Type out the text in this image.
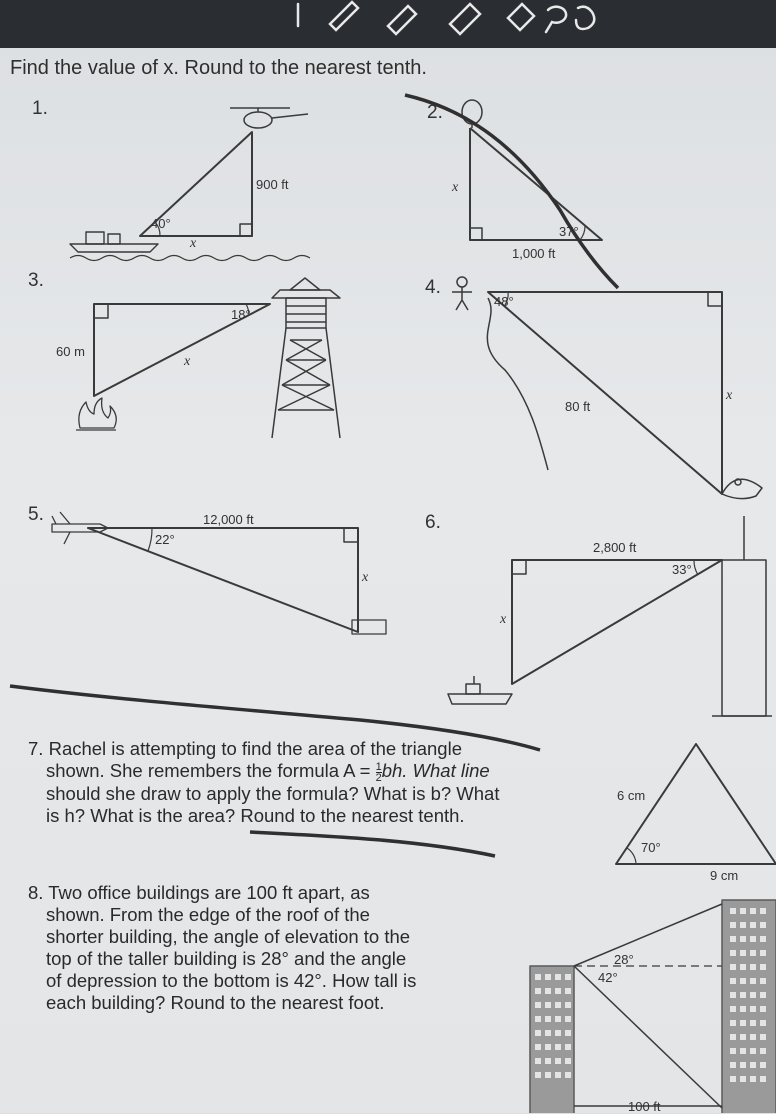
Find the value of x. Round to the nearest tenth.
1.	2.
3.	4.
5.	6.
40°
900 ft
x
37°
1,000 ft
x
18°
60 m
x
48°
80 ft
x
22°
12,000 ft
x
33°
2,800 ft
x
7. Rachel is attempting to find the area of the triangle
shown. She remembers the formula $A = \frac{1}{2}$ bh. What line
should she draw to apply the formula? What is b? What
is h? What is the area? Round to the nearest tenth.
6 cm
70°
9 cm
8. Two office buildings are 100 ft apart, as
shown. From the edge of the roof of the
shorter building, the angle of elevation to the
top of the taller building is 28° and the angle
of depression to the bottom is 42°. How tall is
each building? Round to the nearest foot.
28°
42°
100 ft
